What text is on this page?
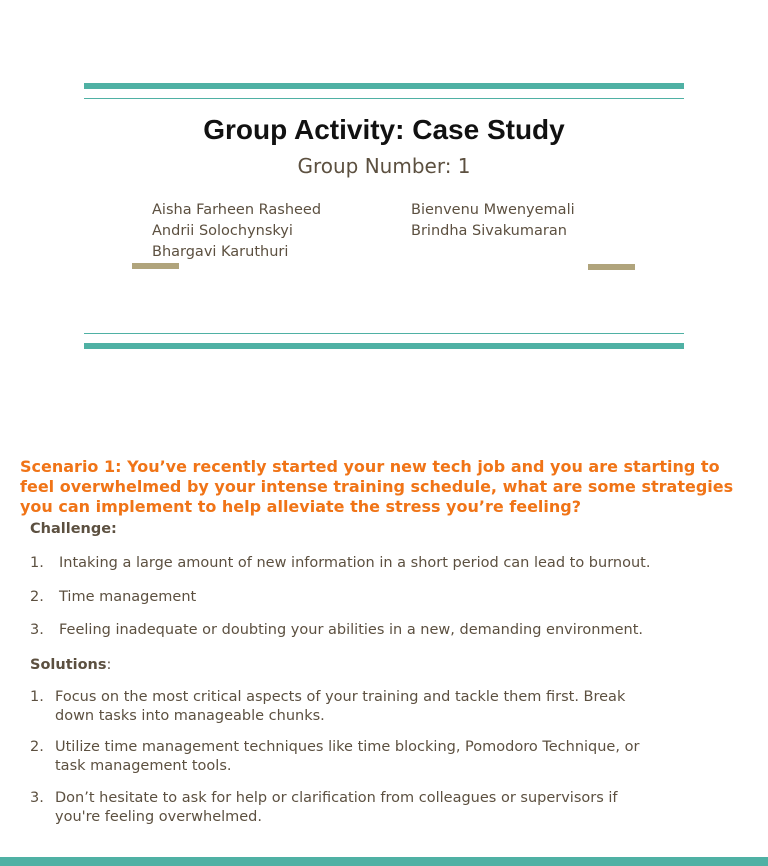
Group Activity: Case Study
Group Number: 1
Aisha Farheen Rasheed
Andrii Solochynskyi
Bhargavi Karuthuri
Bienvenu Mwenyemali
Brindha Sivakumaran
Scenario 1: You’ve recently started your new tech job and you are starting to feel overwhelmed by your intense training schedule, what are some strategies you can implement to help alleviate the stress you’re feeling?
Challenge:
1. Intaking a large amount of new information in a short period can lead to burnout.
2. Time management
3. Feeling inadequate or doubting your abilities in a new, demanding environment.
Solutions:
1. Focus on the most critical aspects of your training and tackle them first. Break
down tasks into manageable chunks.
2. Utilize time management techniques like time blocking, Pomodoro Technique, or
task management tools.
3. Don’t hesitate to ask for help or clarification from colleagues or supervisors if
you're feeling overwhelmed.
